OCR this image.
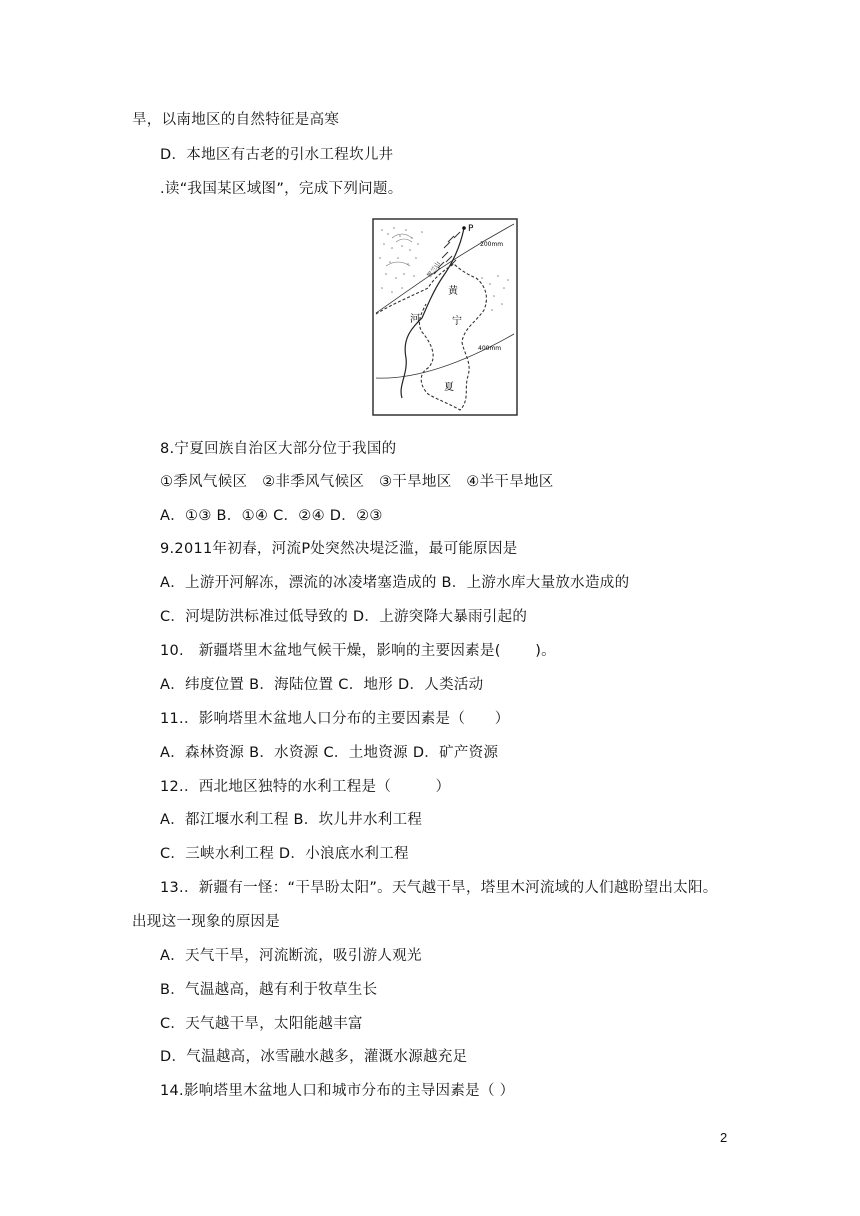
旱，以南地区的自然特征是高寒
D．本地区有古老的引水工程坎儿井
.读“我国某区域图”，完成下列问题。
P
200mm
400mm
黄
河	宁
夏
贺兰山
8.宁夏回族自治区大部分位于我国的
①季风气候区　②非季风气候区　③干旱地区　④半干旱地区
A．①③ B．①④ C．②④ D．②③
9.2011年初春，河流P处突然决堤泛滥，最可能原因是
A．上游开河解冻，漂流的冰凌堵塞造成的 B．上游水库大量放水造成的
C．河堤防洪标准过低导致的 D．上游突降大暴雨引起的
10.　新疆塔里木盆地气候干燥，影响的主要因素是(　　 )。
A．纬度位置 B．海陆位置 C．地形 D．人类活动
11.．影响塔里木盆地人口分布的主要因素是（　　）
A．森林资源 B．水资源 C．土地资源 D．矿产资源
12.．西北地区独特的水利工程是（　　　）
A．都江堰水利工程 B．坎儿井水利工程
C．三峡水利工程 D．小浪底水利工程
13.．新疆有一怪：“干旱盼太阳”。天气越干旱，塔里木河流域的人们越盼望出太阳。
出现这一现象的原因是
A．天气干旱，河流断流，吸引游人观光
B．气温越高，越有利于牧草生长
C．天气越干旱，太阳能越丰富
D．气温越高，冰雪融水越多，灌溉水源越充足
14.影响塔里木盆地人口和城市分布的主导因素是（ ）
2
